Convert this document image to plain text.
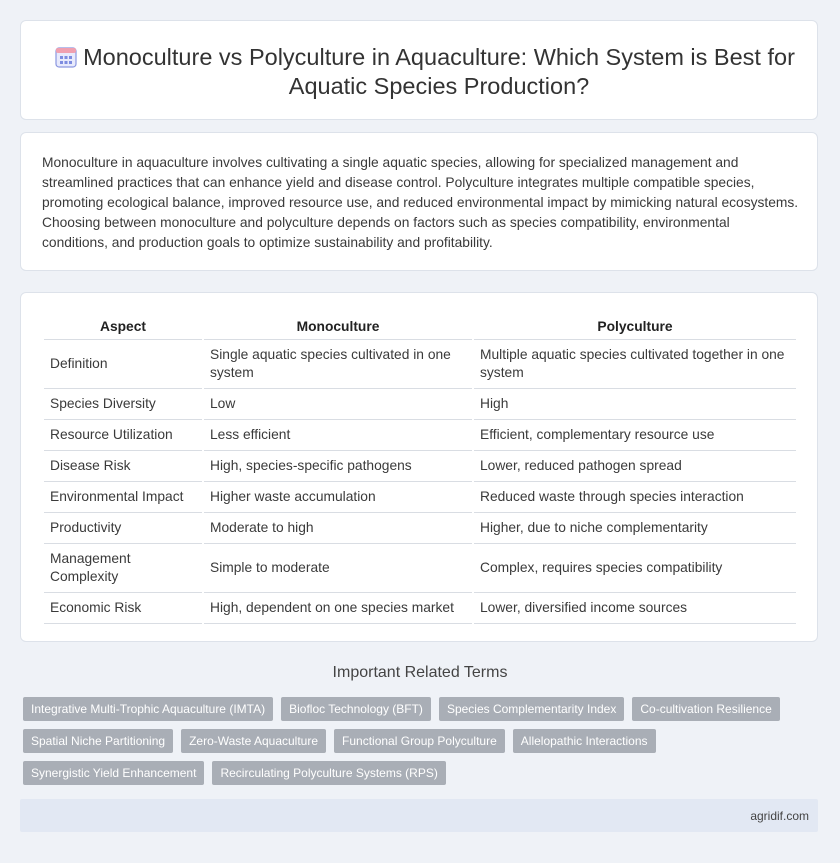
Monoculture vs Polyculture in Aquaculture: Which System is Best for Aquatic Species Production?
Monoculture in aquaculture involves cultivating a single aquatic species, allowing for specialized management and streamlined practices that can enhance yield and disease control. Polyculture integrates multiple compatible species, promoting ecological balance, improved resource use, and reduced environmental impact by mimicking natural ecosystems. Choosing between monoculture and polyculture depends on factors such as species compatibility, environmental conditions, and production goals to optimize sustainability and profitability.
Aspect	Monoculture	Polyculture
Definition	Single aquatic species cultivated in one system	Multiple aquatic species cultivated together in one system
Species Diversity	Low	High
Resource Utilization	Less efficient	Efficient, complementary resource use
Disease Risk	High, species-specific pathogens	Lower, reduced pathogen spread
Environmental Impact	Higher waste accumulation	Reduced waste through species interaction
Productivity	Moderate to high	Higher, due to niche complementarity
Management Complexity	Simple to moderate	Complex, requires species compatibility
Economic Risk	High, dependent on one species market	Lower, diversified income sources
Important Related Terms
Integrative Multi-Trophic Aquaculture (IMTA)	Biofloc Technology (BFT)	Species Complementarity Index	Co-cultivation Resilience
Spatial Niche Partitioning	Zero-Waste Aquaculture	Functional Group Polyculture	Allelopathic Interactions
Synergistic Yield Enhancement	Recirculating Polyculture Systems (RPS)
agridif.com
